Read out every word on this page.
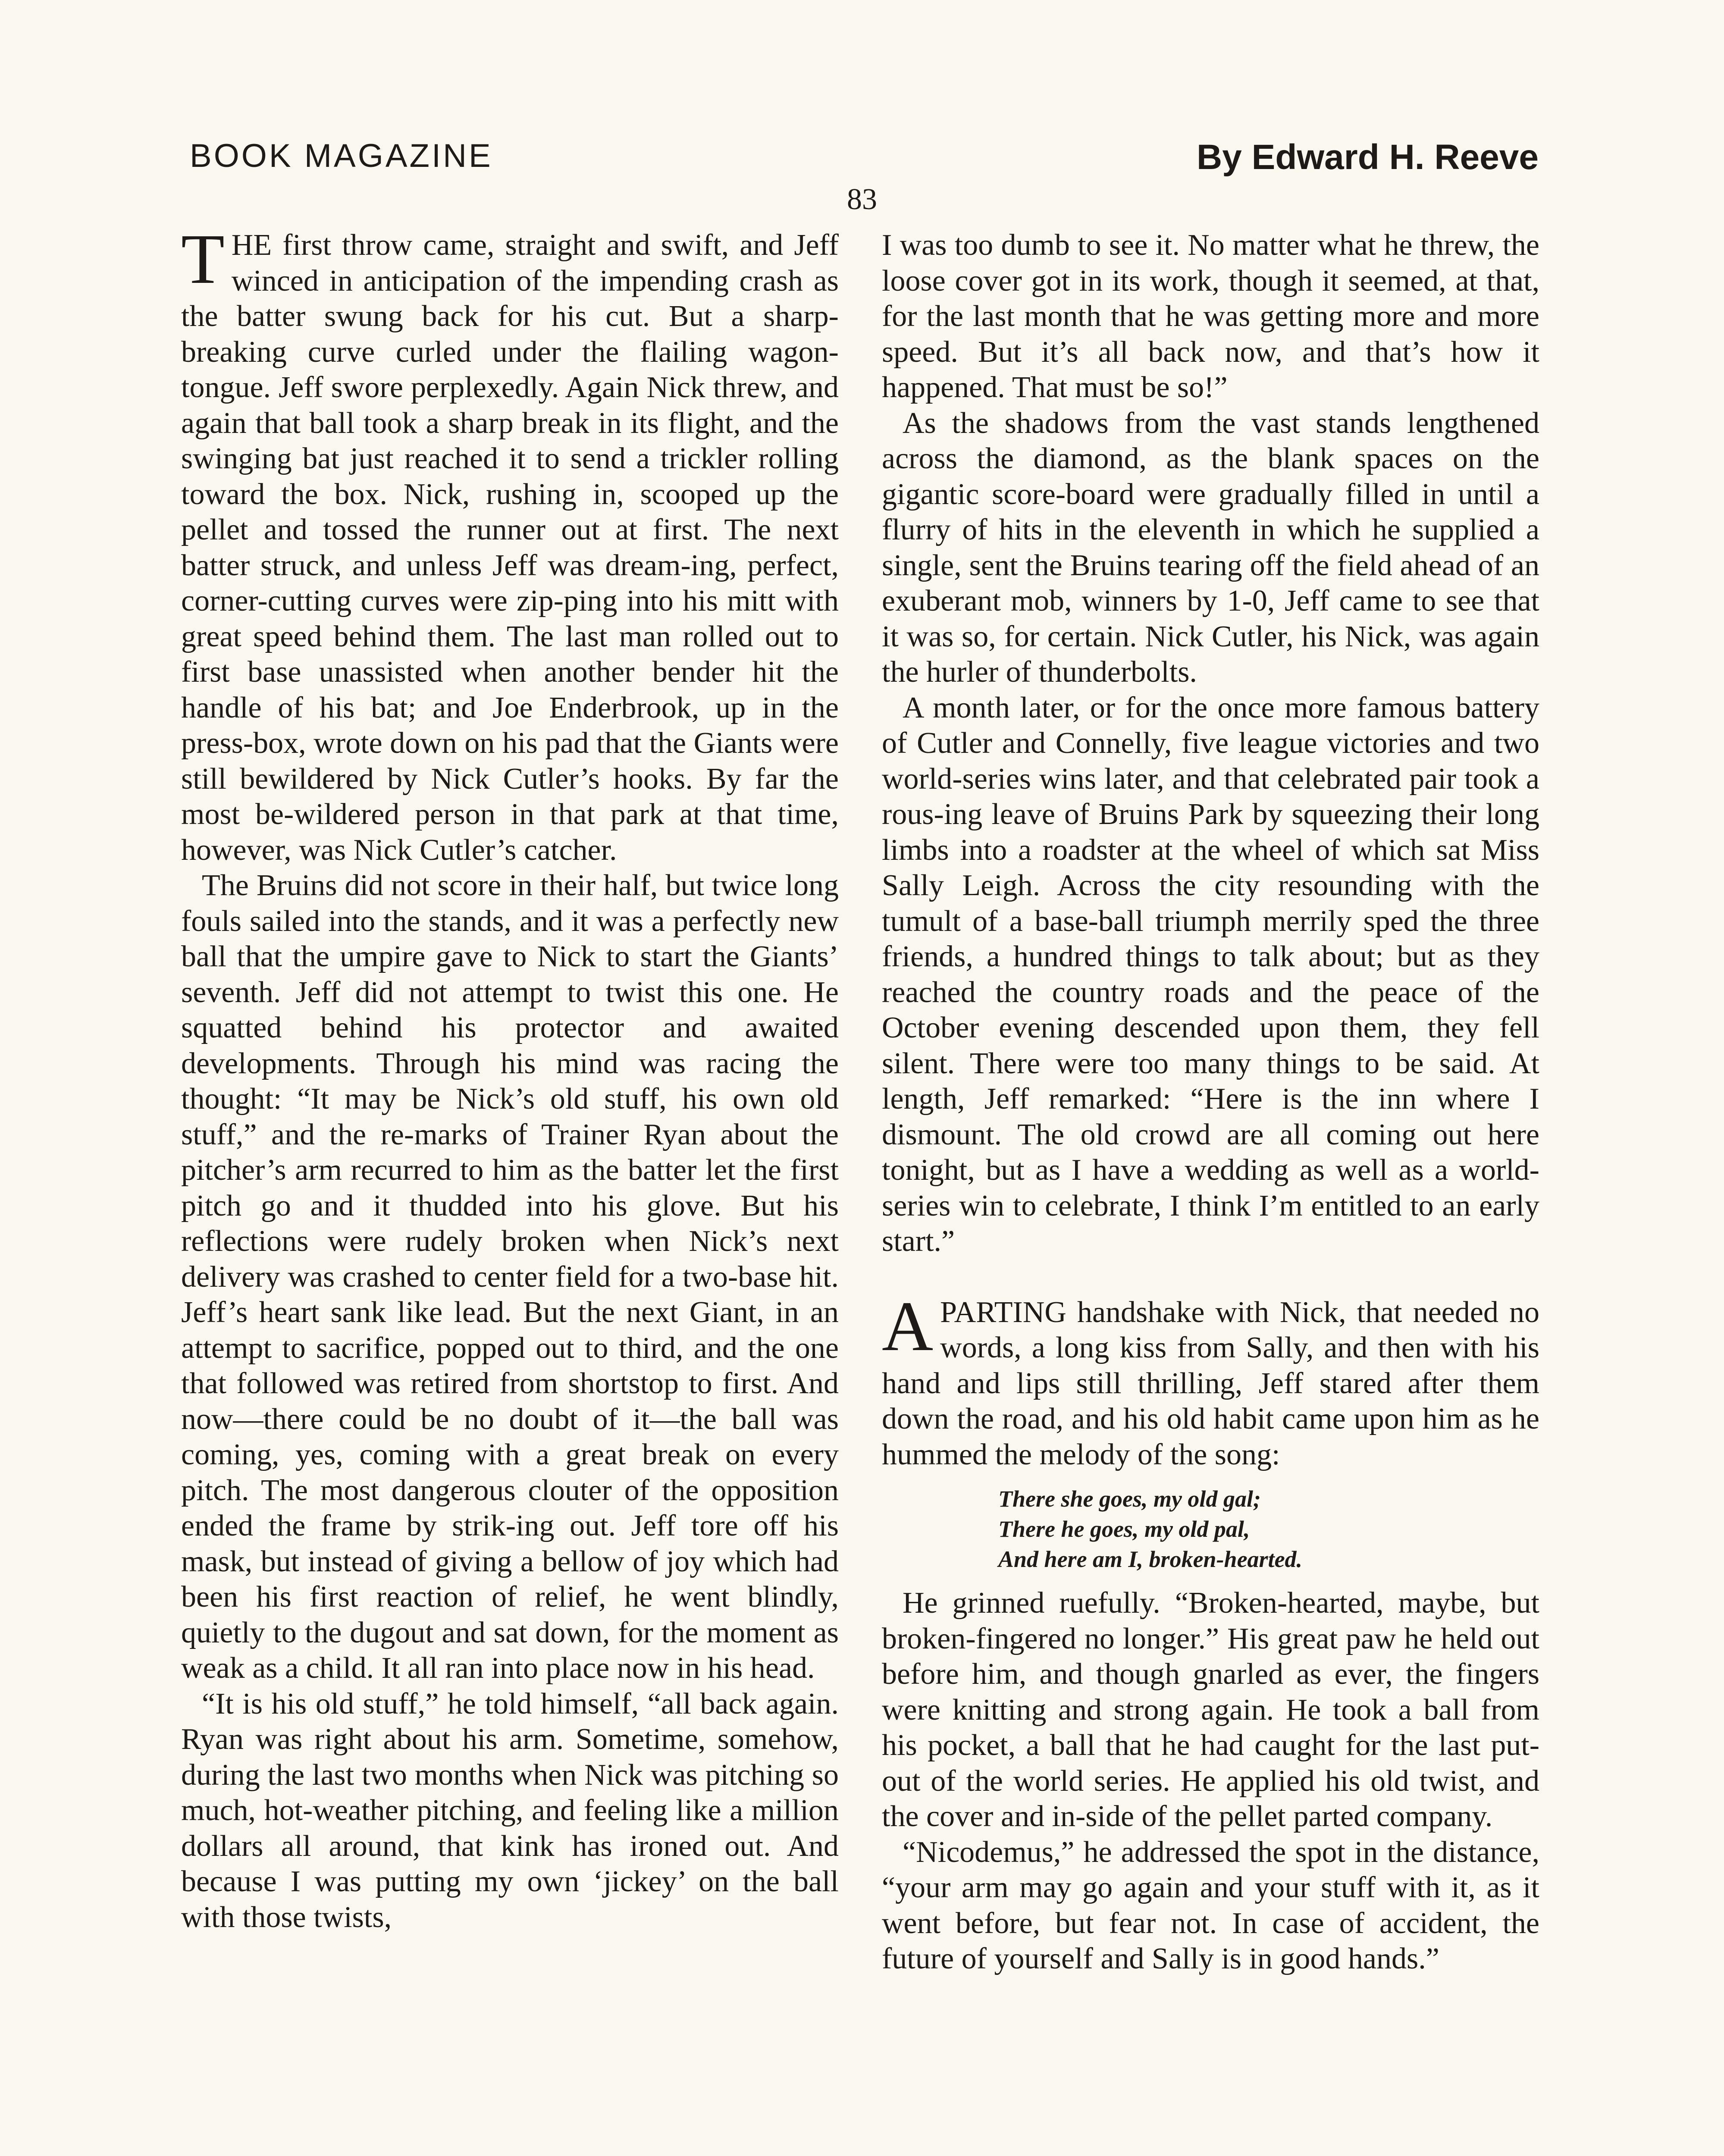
BOOK MAGAZINE	By Edward H. Reeve
83

THE first throw came, straight and swift, and Jeff winced in anticipation of the impending crash as the batter swung back for his cut. But a sharp-breaking curve curled under the flailing wagon-tongue. Jeff swore perplexedly. Again Nick threw, and again that ball took a sharp break in its flight, and the swinging bat just reached it to send a trickler rolling toward the box. Nick, rushing in, scooped up the pellet and tossed the runner out at first. The next batter struck, and unless Jeff was dream-ing, perfect, corner-cutting curves were zip-ping into his mitt with great speed behind them. The last man rolled out to first base unassisted when another bender hit the handle of his bat; and Joe Enderbrook, up in the press-box, wrote down on his pad that the Giants were still bewildered by Nick Cutler’s hooks. By far the most be-wildered person in that park at that time, however, was Nick Cutler’s catcher.

The Bruins did not score in their half, but twice long fouls sailed into the stands, and it was a perfectly new ball that the umpire gave to Nick to start the Giants’ seventh. Jeff did not attempt to twist this one. He squatted behind his protector and awaited developments. Through his mind was racing the thought: “It may be Nick’s old stuff, his own old stuff,” and the re-marks of Trainer Ryan about the pitcher’s arm recurred to him as the batter let the first pitch go and it thudded into his glove. But his reflections were rudely broken when Nick’s next delivery was crashed to center field for a two-base hit. Jeff’s heart sank like lead. But the next Giant, in an attempt to sacrifice, popped out to third, and the one that followed was retired from shortstop to first. And now—there could be no doubt of it—the ball was coming, yes, coming with a great break on every pitch. The most dangerous clouter of the opposition ended the frame by strik-ing out. Jeff tore off his mask, but instead of giving a bellow of joy which had been his first reaction of relief, he went blindly, quietly to the dugout and sat down, for the moment as weak as a child. It all ran into place now in his head.

“It is his old stuff,” he told himself, “all back again. Ryan was right about his arm. Sometime, somehow, during the last two months when Nick was pitching so much, hot-weather pitching, and feeling like a million dollars all around, that kink has ironed out. And because I was putting my own ‘jickey’ on the ball with those twists,

I was too dumb to see it. No matter what he threw, the loose cover got in its work, though it seemed, at that, for the last month that he was getting more and more speed. But it’s all back now, and that’s how it happened. That must be so!”

As the shadows from the vast stands lengthened across the diamond, as the blank spaces on the gigantic score-board were gradually filled in until a flurry of hits in the eleventh in which he supplied a single, sent the Bruins tearing off the field ahead of an exuberant mob, winners by 1-0, Jeff came to see that it was so, for certain. Nick Cutler, his Nick, was again the hurler of thunderbolts.

A month later, or for the once more famous battery of Cutler and Connelly, five league victories and two world-series wins later, and that celebrated pair took a rous-ing leave of Bruins Park by squeezing their long limbs into a roadster at the wheel of which sat Miss Sally Leigh. Across the city resounding with the tumult of a base-ball triumph merrily sped the three friends, a hundred things to talk about; but as they reached the country roads and the peace of the October evening descended upon them, they fell silent. There were too many things to be said. At length, Jeff remarked: “Here is the inn where I dismount. The old crowd are all coming out here tonight, but as I have a wedding as well as a world-series win to celebrate, I think I’m entitled to an early start.”

APARTING handshake with Nick, that needed no words, a long kiss from Sally, and then with his hand and lips still thrilling, Jeff stared after them down the road, and his old habit came upon him as he hummed the melody of the song:

There she goes, my old gal;
There he goes, my old pal,
And here am I, broken-hearted.

He grinned ruefully. “Broken-hearted, maybe, but broken-fingered no longer.” His great paw he held out before him, and though gnarled as ever, the fingers were knitting and strong again. He took a ball from his pocket, a ball that he had caught for the last put-out of the world series. He applied his old twist, and the cover and in-side of the pellet parted company.

“Nicodemus,” he addressed the spot in the distance, “your arm may go again and your stuff with it, as it went before, but fear not. In case of accident, the future of yourself and Sally is in good hands.”
